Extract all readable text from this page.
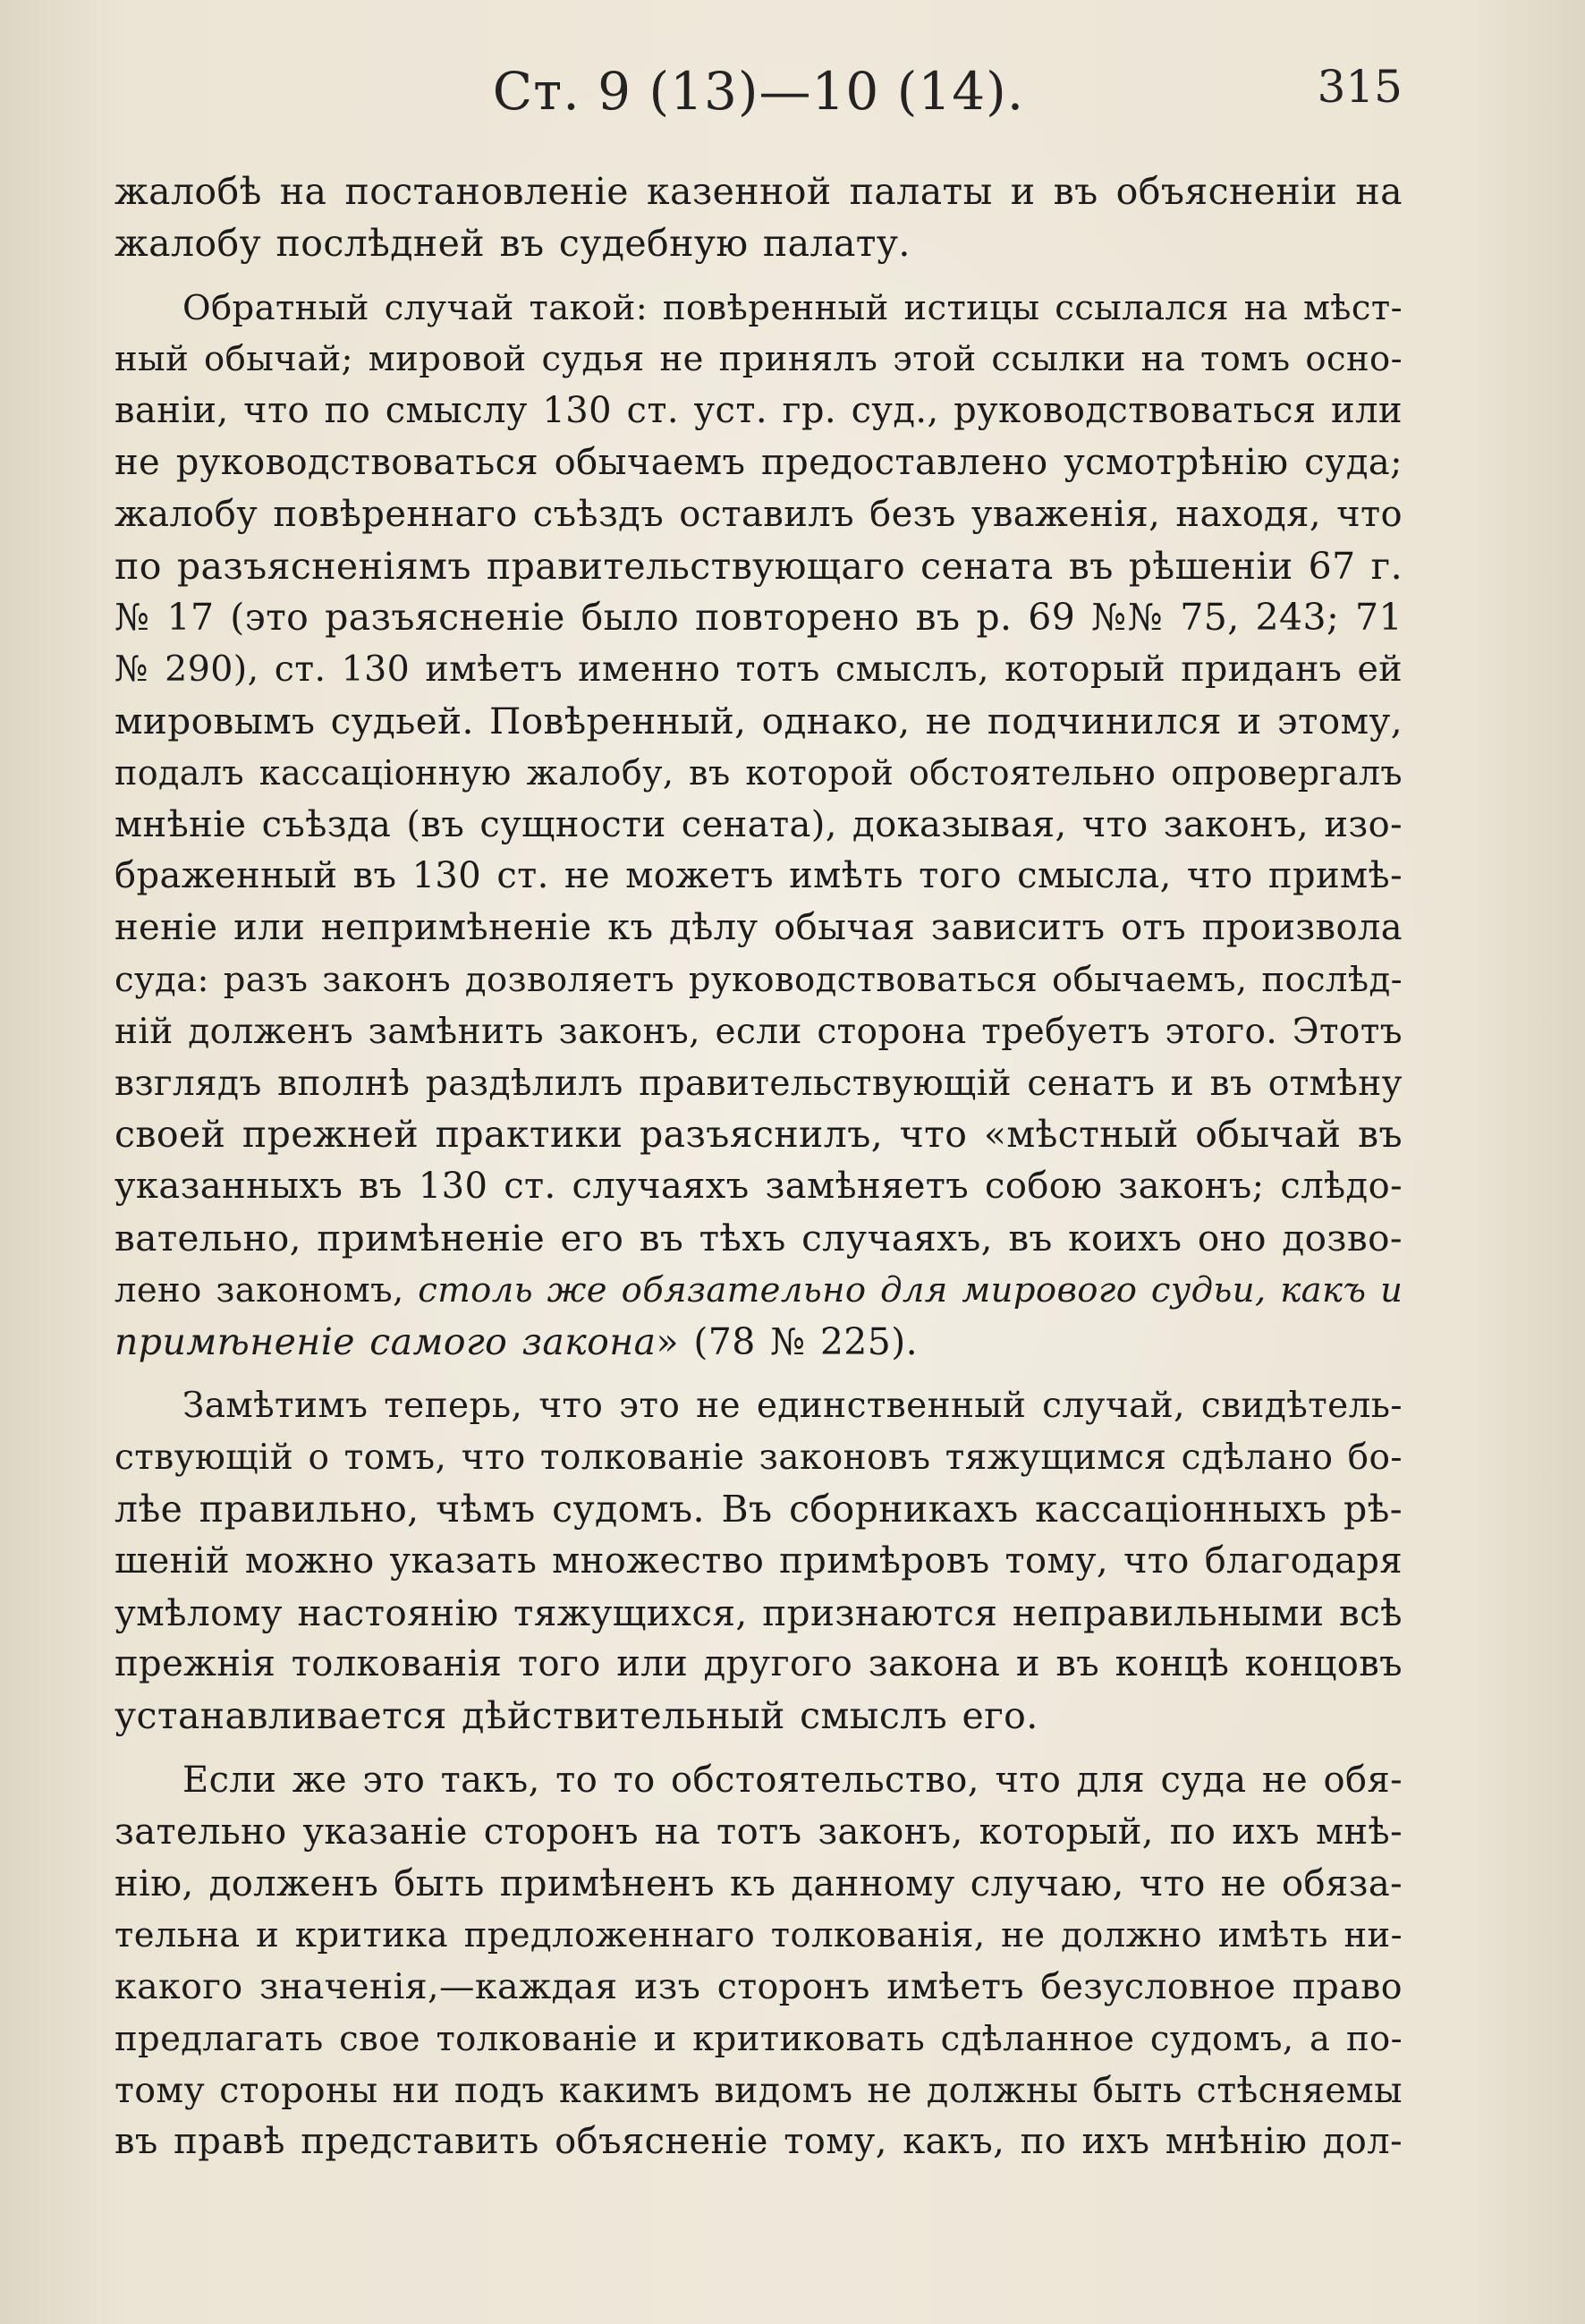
Ст. 9 (13)—10 (14).	315
жалобѣ на постановленіе казенной палаты и въ объясненіи на
жалобу послѣдней въ судебную палату.
Обратный случай такой: повѣренный истицы ссылался на мѣст-
ный обычай; мировой судья не принялъ этой ссылки на томъ осно-
ваніи, что по смыслу 130 ст. уст. гр. суд., руководствоваться или
не руководствоваться обычаемъ предоставлено усмотрѣнію суда;
жалобу повѣреннаго съѣздъ оставилъ безъ уваженія, находя, что
по разъясненіямъ правительствующаго сената въ рѣшеніи 67 г.
№ 17 (это разъясненіе было повторено въ р. 69 №№ 75, 243; 71
№ 290), ст. 130 имѣетъ именно тотъ смыслъ, который приданъ ей
мировымъ судьей. Повѣренный, однако, не подчинился и этому,
подалъ кассаціонную жалобу, въ которой обстоятельно опровергалъ
мнѣніе съѣзда (въ сущности сената), доказывая, что законъ, изо-
браженный въ 130 ст. не можетъ имѣть того смысла, что примѣ-
неніе или непримѣненіе къ дѣлу обычая зависитъ отъ произвола
суда: разъ законъ дозволяетъ руководствоваться обычаемъ, послѣд-
ній долженъ замѣнить законъ, если сторона требуетъ этого. Этотъ
взглядъ вполнѣ раздѣлилъ правительствующій сенатъ и въ отмѣну
своей прежней практики разъяснилъ, что «мѣстный обычай въ
указанныхъ въ 130 ст. случаяхъ замѣняетъ собою законъ; слѣдо-
вательно, примѣненіе его въ тѣхъ случаяхъ, въ коихъ оно дозво-
лено закономъ, столь же обязательно для мирового судьи, какъ и
примѣненіе самого закона» (78 № 225).
Замѣтимъ теперь, что это не единственный случай, свидѣтель-
ствующій о томъ, что толкованіе законовъ тяжущимся сдѣлано бо-
лѣе правильно, чѣмъ судомъ. Въ сборникахъ кассаціонныхъ рѣ-
шеній можно указать множество примѣровъ тому, что благодаря
умѣлому настоянію тяжущихся, признаются неправильными всѣ
прежнія толкованія того или другого закона и въ концѣ концовъ
устанавливается дѣйствительный смыслъ его.
Если же это такъ, то то обстоятельство, что для суда не обя-
зательно указаніе сторонъ на тотъ законъ, который, по ихъ мнѣ-
нію, долженъ быть примѣненъ къ данному случаю, что не обяза-
тельна и критика предложеннаго толкованія, не должно имѣть ни-
какого значенія,—каждая изъ сторонъ имѣетъ безусловное право
предлагать свое толкованіе и критиковать сдѣланное судомъ, а по-
тому стороны ни подъ какимъ видомъ не должны быть стѣсняемы
въ правѣ представить объясненіе тому, какъ, по ихъ мнѣнію дол-
